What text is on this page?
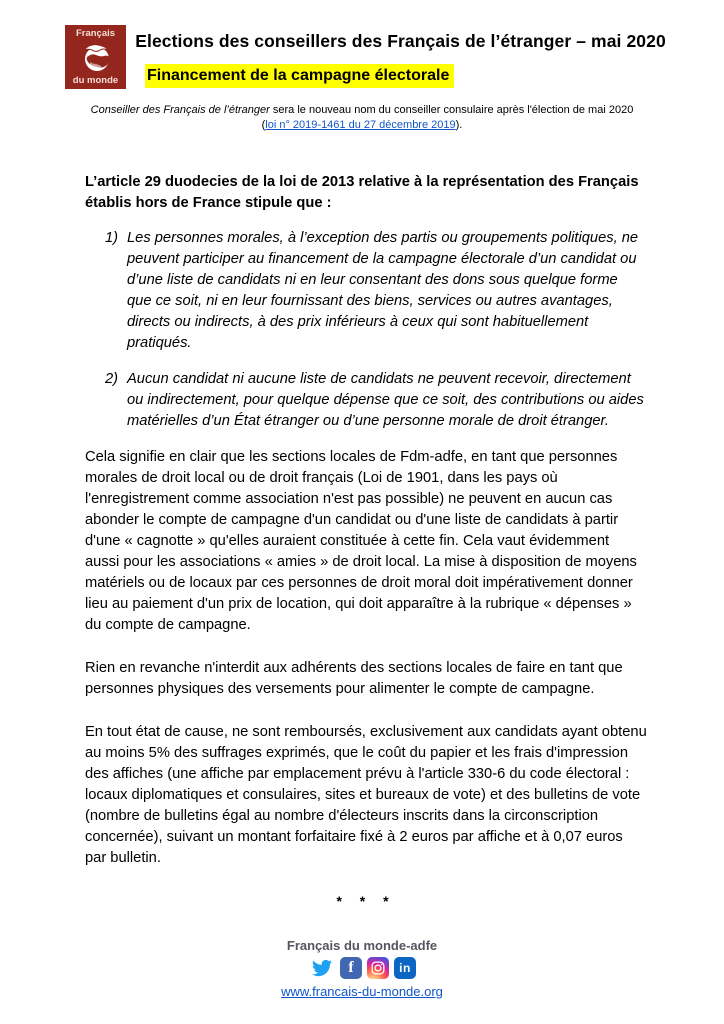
Français
du monde
Elections des conseillers des Français de l’étranger – mai 2020
Financement de la campagne électorale
Conseiller des Français de l’étranger sera le nouveau nom du conseiller consulaire après l'élection de mai 2020
(loi n° 2019-1461 du 27 décembre 2019).

L’article 29 duodecies de la loi de 2013 relative à la représentation des Français établis hors de France stipule que :

1) Les personnes morales, à l’exception des partis ou groupements politiques, ne peuvent participer au financement de la campagne électorale d’un candidat ou d’une liste de candidats ni en leur consentant des dons sous quelque forme que ce soit, ni en leur fournissant des biens, services ou autres avantages, directs ou indirects, à des prix inférieurs à ceux qui sont habituellement pratiqués.
2) Aucun candidat ni aucune liste de candidats ne peuvent recevoir, directement ou indirectement, pour quelque dépense que ce soit, des contributions ou aides matérielles d’un État étranger ou d’une personne morale de droit étranger.

Cela signifie en clair que les sections locales de Fdm-adfe, en tant que personnes morales de droit local ou de droit français (Loi de 1901, dans les pays où l'enregistrement comme association n'est pas possible) ne peuvent en aucun cas abonder le compte de campagne d'un candidat ou d'une liste de candidats à partir d'une « cagnotte » qu'elles auraient constituée à cette fin. Cela vaut évidemment aussi pour les associations « amies » de droit local. La mise à disposition de moyens matériels ou de locaux par ces personnes de droit moral doit impérativement donner lieu au paiement d'un prix de location, qui doit apparaître à la rubrique « dépenses » du compte de campagne.

Rien en revanche n'interdit aux adhérents des sections locales de faire en tant que personnes physiques des versements pour alimenter le compte de campagne.

En tout état de cause, ne sont remboursés, exclusivement aux candidats ayant obtenu au moins 5% des suffrages exprimés, que le coût du papier et les frais d'impression des affiches (une affiche par emplacement prévu à l'article 330-6 du code électoral : locaux diplomatiques et consulaires, sites et bureaux de vote) et des bulletins de vote (nombre de bulletins égal au nombre d'électeurs inscrits dans la circonscription concernée), suivant un montant forfaitaire fixé à 2 euros par affiche et à 0,07 euros par bulletin.

* * *
Français du monde-adfe
f	in
www.francais-du-monde.org
